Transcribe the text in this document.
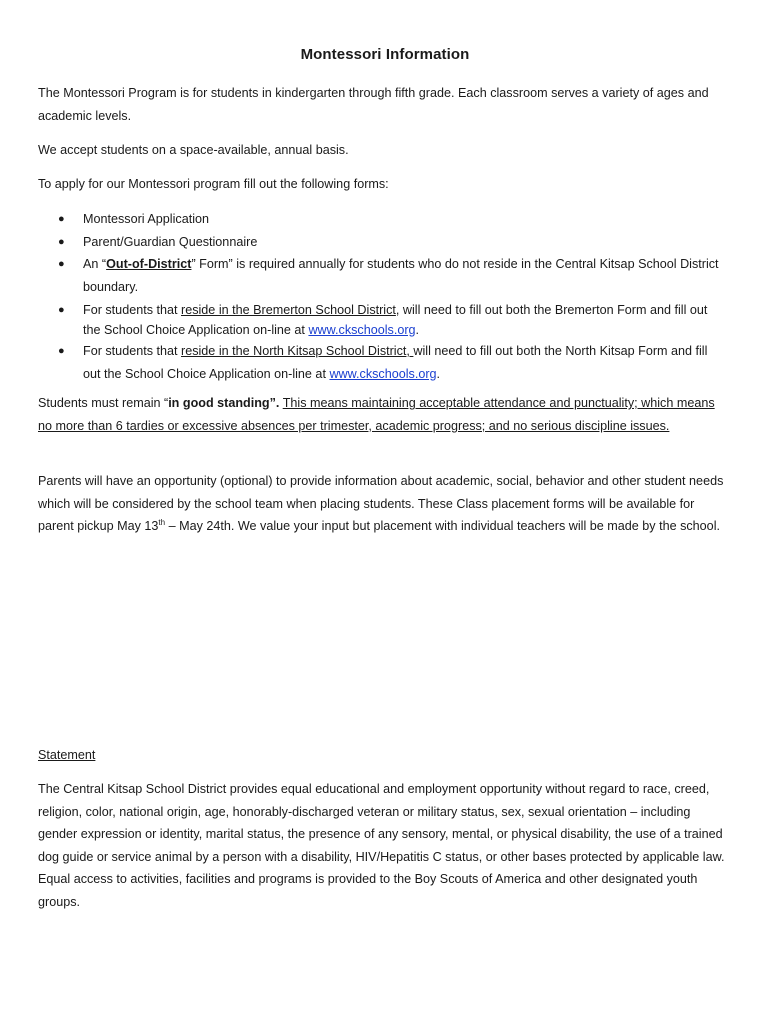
Montessori Information

The Montessori Program is for students in kindergarten through fifth grade. Each classroom serves a variety of ages and academic levels.

We accept students on a space-available, annual basis.

To apply for our Montessori program fill out the following forms:

● Montessori Application
● Parent/Guardian Questionnaire
● An “Out-of-District” Form” is required annually for students who do not reside in the Central Kitsap School District boundary.
● For students that reside in the Bremerton School District, will need to fill out both the Bremerton Form and fill out the School Choice Application on-line at www.ckschools.org.
● For students that reside in the North Kitsap School District, will need to fill out both the North Kitsap Form and fill out the School Choice Application on-line at www.ckschools.org.

Students must remain “in good standing”. This means maintaining acceptable attendance and punctuality; which means no more than 6 tardies or excessive absences per trimester, academic progress; and no serious discipline issues.

Parents will have an opportunity (optional) to provide information about academic, social, behavior and other student needs which will be considered by the school team when placing students. These Class placement forms will be available for parent pickup May 13th – May 24th. We value your input but placement with individual teachers will be made by the school.

Statement

The Central Kitsap School District provides equal educational and employment opportunity without regard to race, creed, religion, color, national origin, age, honorably-discharged veteran or military status, sex, sexual orientation – including gender expression or identity, marital status, the presence of any sensory, mental, or physical disability, the use of a trained dog guide or service animal by a person with a disability, HIV/Hepatitis C status, or other bases protected by applicable law. Equal access to activities, facilities and programs is provided to the Boy Scouts of America and other designated youth groups.
